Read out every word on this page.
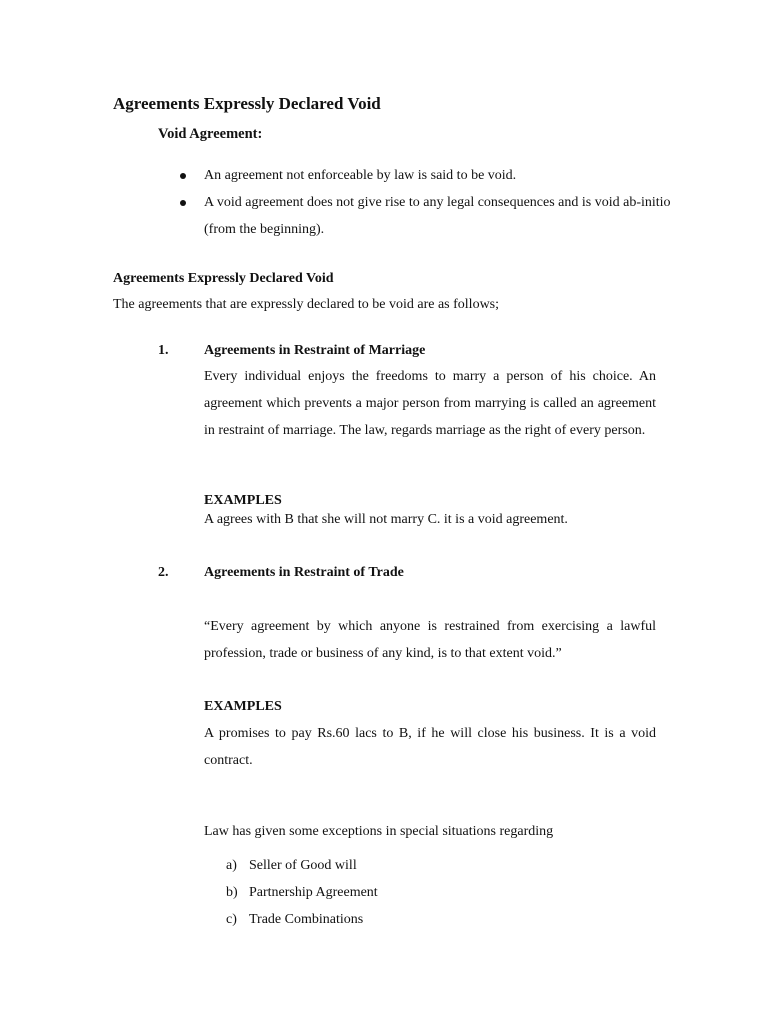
Agreements Expressly Declared Void
Void Agreement:
An agreement not enforceable by law is said to be void.
A void agreement does not give rise to any legal consequences and is void ab-initio (from the beginning).
Agreements Expressly Declared Void
The agreements that are expressly declared to be void are as follows;
1.	Agreements in Restraint of Marriage
Every individual enjoys the freedoms to marry a person of his choice. An agreement which prevents a major person from marrying is called an agreement in restraint of marriage. The law, regards marriage as the right of every person.
EXAMPLES
A agrees with B that she will not marry C. it is a void agreement.
2.	Agreements in Restraint of Trade
“Every agreement by which anyone is restrained from exercising a lawful profession, trade or business of any kind, is to that extent void.”
EXAMPLES
A promises to pay Rs.60 lacs to B, if he will close his business. It is a void contract.
Law has given some exceptions in special situations regarding
a) Seller of Good will
b) Partnership Agreement
c) Trade Combinations
